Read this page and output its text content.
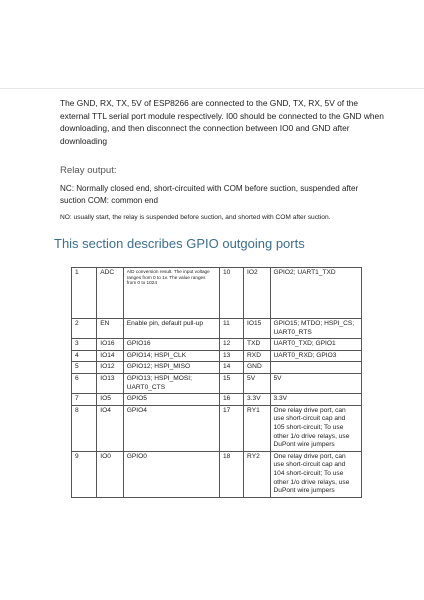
The GND, RX, TX, 5V of ESP8266 are connected to the GND, TX, RX, 5V of the external TTL serial port module respectively. I00 should be connected to the GND when downloading, and then disconnect the connection between IO0 and GND after downloading
Relay output:
NC: Normally closed end, short-circuited with COM before suction, suspended after suction COM: common end
NO: usually start, the relay is suspended before suction, and shorted with COM after suction.
This section describes GPIO outgoing ports
1	ADC	A/D conversion result. The input voltage ranges from 0 to 1v. The value ranges from 0 to 1024	10	IO2	GPIO2; UART1_TXD
2	EN	Enable pin, default pull-up	11	IO15	GPIO15; MTDO; HSPI_CS; UART0_RTS
3	IO16	GPIO16	12	TXD	UART0_TXD; GPIO1
4	IO14	GPIO14; HSPI_CLK	13	RXD	UART0_RXD; GPIO3
5	IO12	GPIO12; HSPI_MISO	14	GND	
6	IO13	GPIO13; HSPI_MOSI; UART0_CTS	15	5V	5V
7	IO5	GPIO5	16	3.3V	3.3V
8	IO4	GPIO4	17	RY1	One relay drive port, can use short-circuit cap and 105 short-circuit; To use other 1/o drive relays, use DuPont wire jumpers
9	IO0	GPIO0	18	RY2	One relay drive port, can use short-circuit cap and 104 short-circuit; To use other 1/o drive relays, use DuPont wire jumpers
